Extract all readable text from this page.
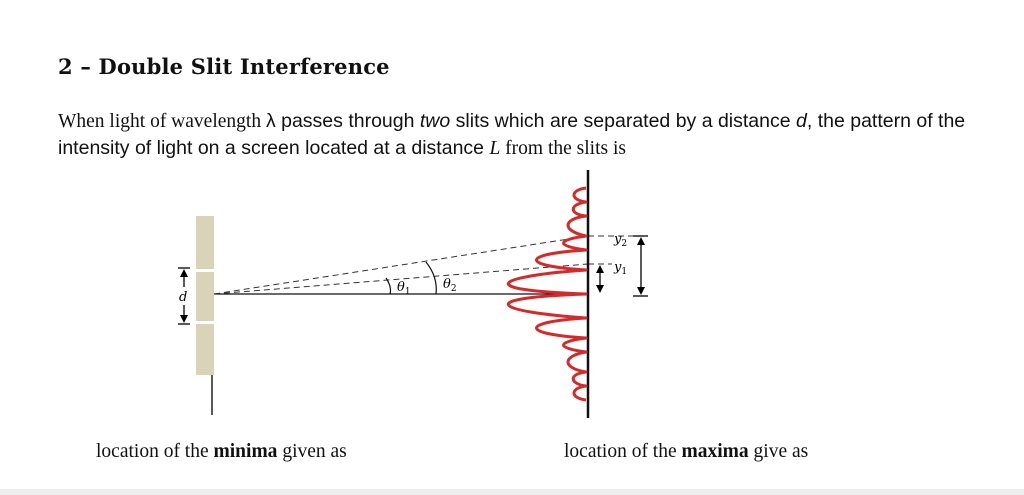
2 – Double Slit Interference

When light of wavelength λ passes through two slits which are separated by a distance d, the pattern of the intensity of light on a screen located at a distance L from the slits is

d
$\theta_1$ $\theta_2$
$y_1$
$y_2$
location of the minima given as	location of the maxima give as
